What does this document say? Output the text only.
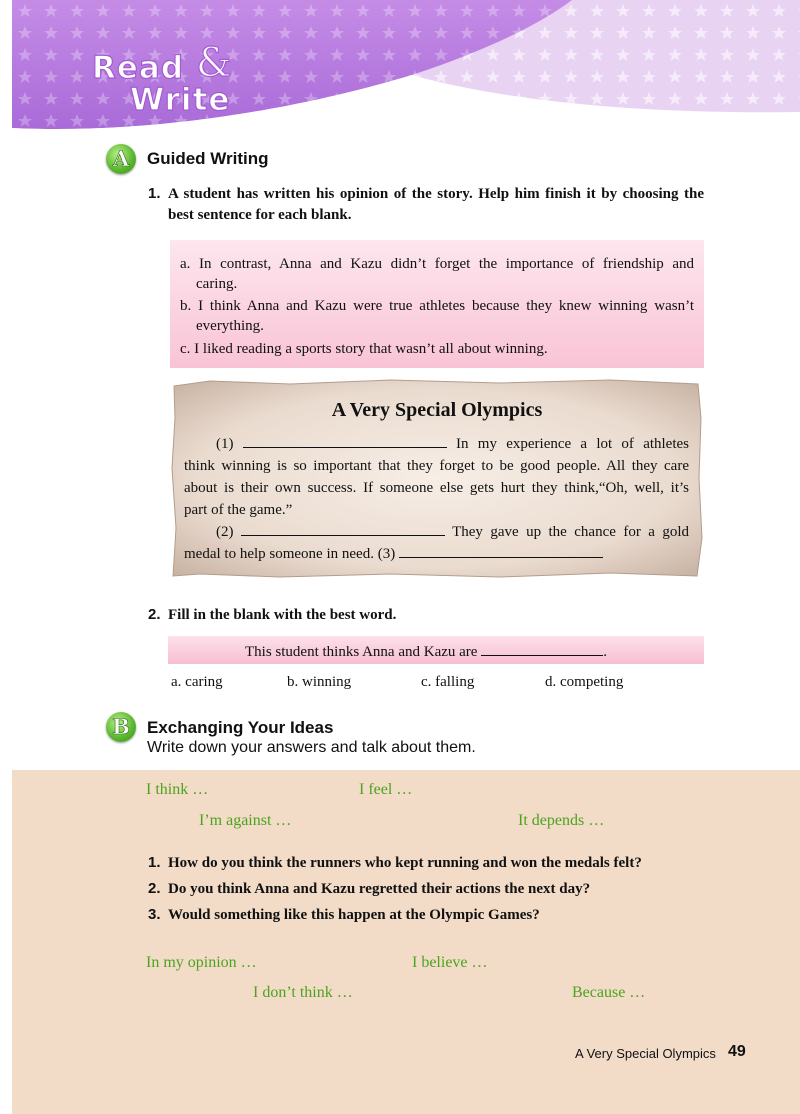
Read &
Write
A	Guided Writing
1. A student has written his opinion of the story. Help him finish it by choosing the
best sentence for each blank.
a. In contrast, Anna and Kazu didn’t forget the importance of friendship and
caring.
b. I think Anna and Kazu were true athletes because they knew winning wasn’t
everything.
c. I liked reading a sports story that wasn’t all about winning.
A Very Special Olympics
(1)	In my experience a lot of athletes
think winning is so important that they forget to be good people. All they care
about is their own success. If someone else gets hurt they think,“Oh, well, it’s
part of the game.”
(2)	They gave up the chance for a gold
medal to help someone in need. (3)
2. Fill in the blank with the best word.
This student thinks Anna and Kazu are	.
a. caring	b. winning	c. falling	d. competing
B	Exchanging Your Ideas
Write down your answers and talk about them.
I think …	I feel …
I’m against …	It depends …
1. How do you think the runners who kept running and won the medals felt?
2. Do you think Anna and Kazu regretted their actions the next day?
3. Would something like this happen at the Olympic Games?
In my opinion …	I believe …
I don’t think …	Because …
A Very Special Olympics 49
